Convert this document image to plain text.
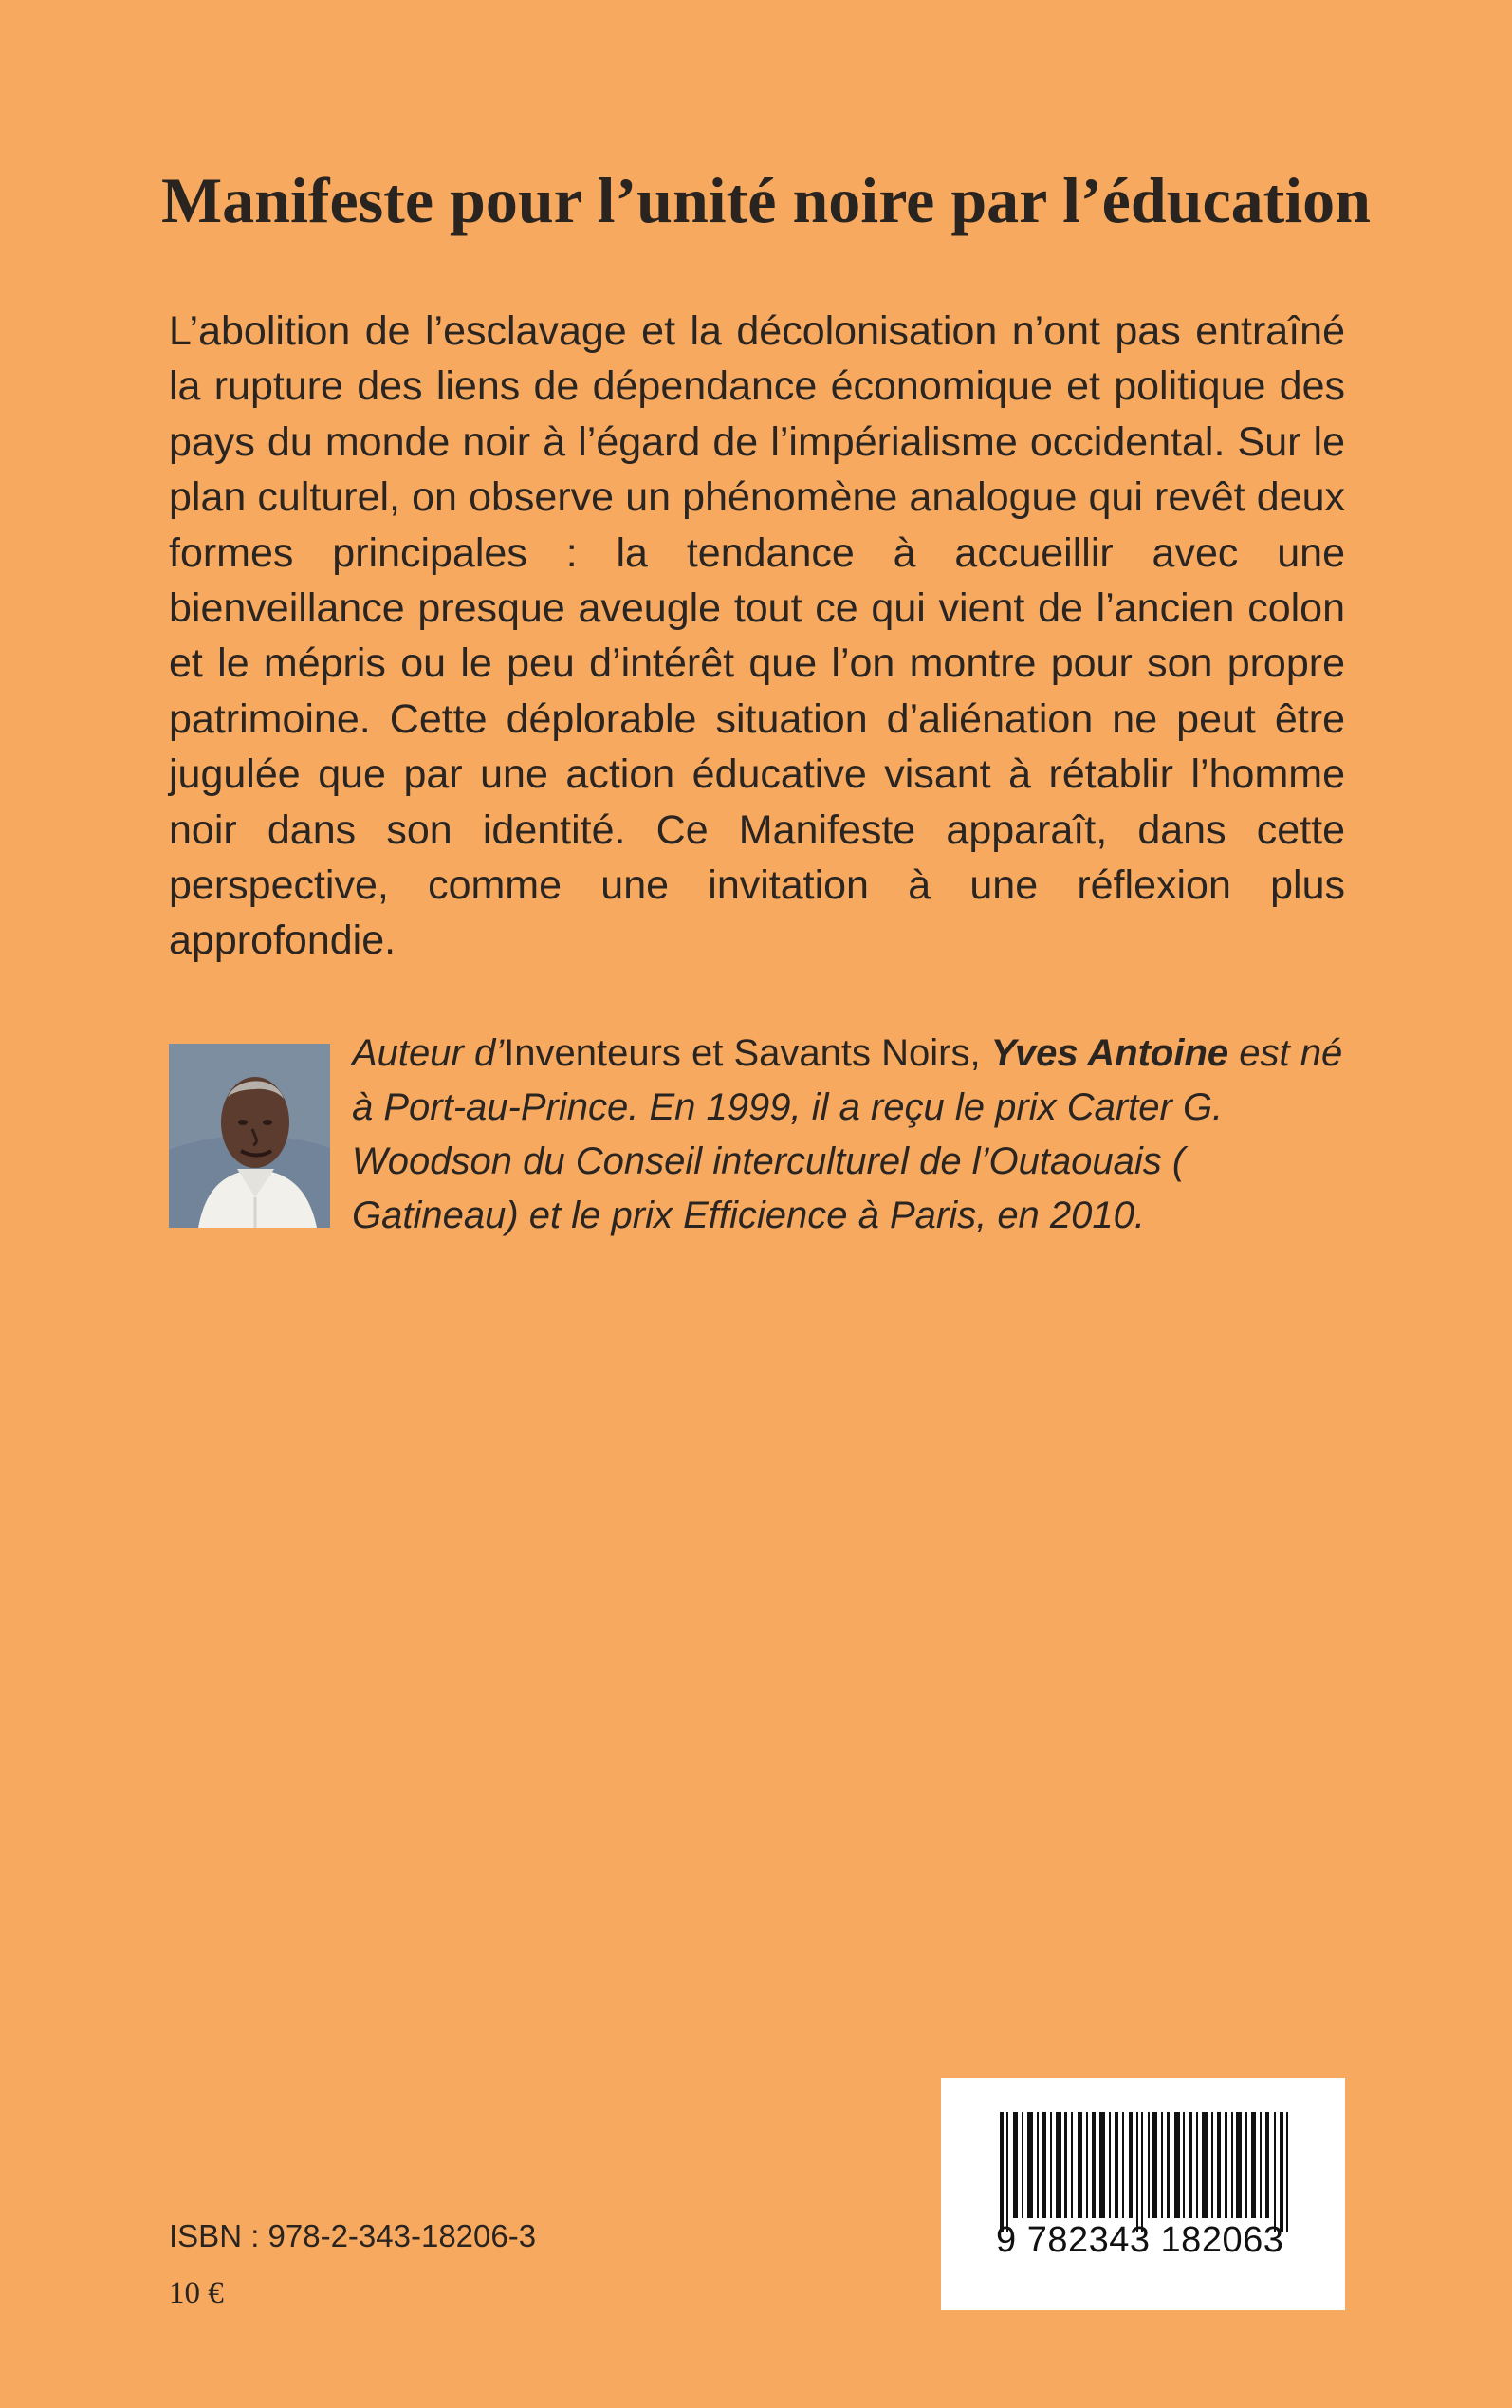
Manifeste pour l’unité noire par l’éducation

L’abolition de l’esclavage et la décolonisation n’ont pas entraîné la rupture des liens de dépendance économique et politique des pays du monde noir à l’égard de l’impérialisme occidental. Sur le plan culturel, on observe un phénomène analogue qui revêt deux formes principales : la tendance à accueillir avec une bienveillance presque aveugle tout ce qui vient de l’ancien colon et le mépris ou le peu d’intérêt que l’on montre pour son propre patrimoine. Cette déplorable situation d’aliénation ne peut être jugulée que par une action éducative visant à rétablir l’homme noir dans son identité. Ce Manifeste apparaît, dans cette perspective, comme une invitation à une réflexion plus approfondie.

Auteur d’Inventeurs et Savants Noirs, Yves Antoine est né à Port-au-Prince. En 1999, il a reçu le prix Carter G. Woodson du Conseil interculturel de l’Outaouais ( Gatineau) et le prix Efficience à Paris, en 2010.

ISBN : 978-2-343-18206-3
10 €
9 782343 182063
